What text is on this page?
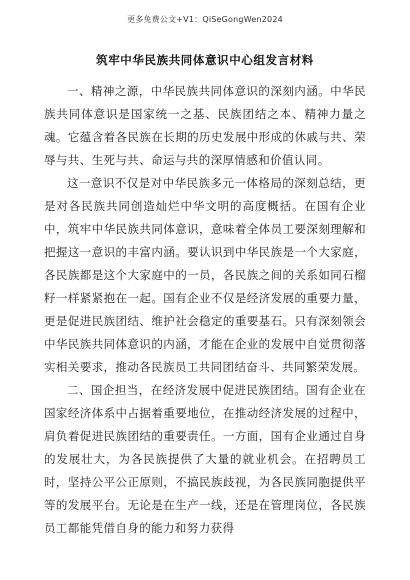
更多免费公文+V1：QiSeGongWen2024
筑牢中华民族共同体意识中心组发言材料

一、精神之源，中华民族共同体意识的深刻内涵。中华民族共同体意识是国家统一之基、民族团结之本、精神力量之魂。它蕴含着各民族在长期的历史发展中形成的休戚与共、荣辱与共、生死与共、命运与共的深厚情感和价值认同。

这一意识不仅是对中华民族多元一体格局的深刻总结，更是对各民族共同创造灿烂中华文明的高度概括。在国有企业中，筑牢中华民族共同体意识，意味着全体员工要深刻理解和把握这一意识的丰富内涵。要认识到中华民族是一个大家庭，各民族都是这个大家庭中的一员，各民族之间的关系如同石榴籽一样紧紧抱在一起。国有企业不仅是经济发展的重要力量，更是促进民族团结、维护社会稳定的重要基石。只有深刻领会中华民族共同体意识的内涵，才能在企业的发展中自觉贯彻落实相关要求，推动各民族员工共同团结奋斗、共同繁荣发展。

二、国企担当，在经济发展中促进民族团结。国有企业在国家经济体系中占据着重要地位，在推动经济发展的过程中，肩负着促进民族团结的重要责任。一方面，国有企业通过自身的发展壮大，为各民族提供了大量的就业机会。在招聘员工时，坚持公平公正原则，不搞民族歧视，为各民族同胞提供平等的发展平台。无论是在生产一线，还是在管理岗位，各民族员工都能凭借自身的能力和努力获得
